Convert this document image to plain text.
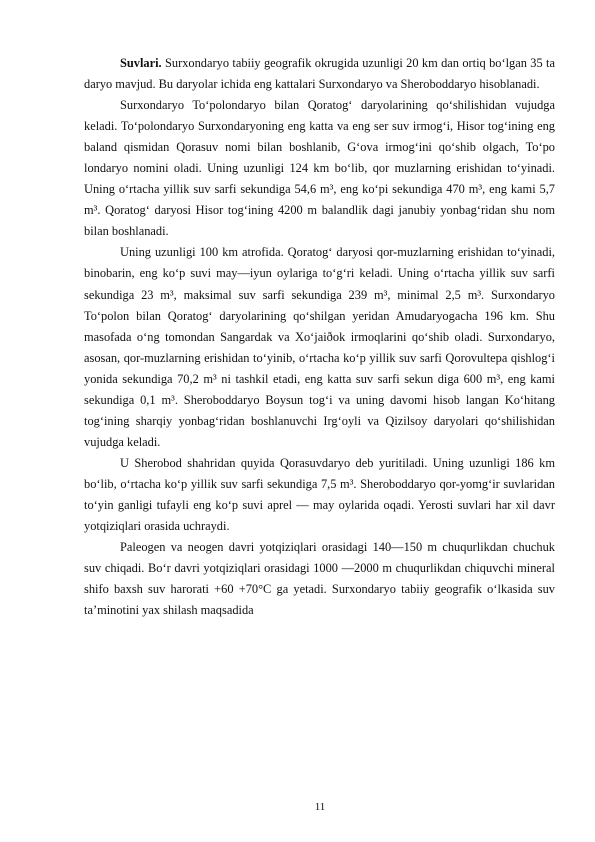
Suvlari. Surxondaryo tabiiy geografik okrugida uzunligi 20 km dan ortiq bo‘lgan 35 ta daryo mavjud. Bu daryolar ichida eng kattalari Surxondaryo va Sheroboddaryo hisoblanadi.

Surxondaryo To‘polondaryo bilan Qoratog‘ daryolarining qo‘shilishidan vujudga keladi. To‘polondaryo Surxondaryoning eng katta va eng ser suv irmog‘i, Hisor tog‘ining eng baland qismidan Qorasuv nomi bilan boshlanib, G‘ova irmog‘ini qo‘shib olgach, To‘po londaryo nomini oladi. Uning uzunligi 124 km bo‘lib, qor muzlarning erishidan to‘yinadi. Uning o‘rtacha yillik suv sarfi sekundiga 54,6 m³, eng ko‘pi sekundiga 470 m³, eng kami 5,7 m³. Qoratog‘ daryosi Hisor tog‘ining 4200 m balandlik dagi janubiy yonbag‘ridan shu nom bilan boshlanadi.

Uning uzunligi 100 km atrofida. Qoratog‘ daryosi qor-muzlarning erishidan to‘yinadi, binobarin, eng ko‘p suvi may—iyun oylariga to‘g‘ri keladi. Uning o‘rtacha yillik suv sarfi sekundiga 23 m³, maksimal suv sarfi sekundiga 239 m³, minimal 2,5 m³. Surxondaryo To‘polon bilan Qoratog‘ daryolarining qo‘shilgan yeridan Amudaryogacha 196 km. Shu masofada o‘ng tomondan Sangardak va Xo‘jaiðok irmoqlarini qo‘shib oladi. Surxondaryo, asosan, qor-muzlarning erishidan to‘yinib, o‘rtacha ko‘p yillik suv sarfi Qorovultepa qishlog‘i yonida sekundiga 70,2 m³ ni tashkil etadi, eng katta suv sarfi sekun diga 600 m³, eng kami sekundiga 0,1 m³. Sheroboddaryo Boysun tog‘i va uning davomi hisob langan Ko‘hitang tog‘ining sharqiy yonbag‘ridan boshlanuvchi Irg‘oyli va Qizilsoy daryolari qo‘shilishidan vujudga keladi.

U Sherobod shahridan quyida Qorasuvdaryo deb yuritiladi. Uning uzunligi 186 km bo‘lib, o‘rtacha ko‘p yillik suv sarfi sekundiga 7,5 m³. Sheroboddaryo qor-yomg‘ir suvlaridan to‘yin ganligi tufayli eng ko‘p suvi aprel — may oylarida oqadi. Yerosti suvlari har xil davr yotqiziqlari orasida uchraydi.

Paleogen va neogen davri yotqiziqlari orasidagi 140—150 m chuqurlikdan chuchuk suv chiqadi. Bo‘r davri yotqiziqlari orasidagi 1000 —2000 m chuqurlikdan chiquvchi mineral shifo baxsh suv harorati +60 +70°C ga yetadi. Surxondaryo tabiiy geografik o‘lkasida suv ta’minotini yax shilash maqsadida

11
